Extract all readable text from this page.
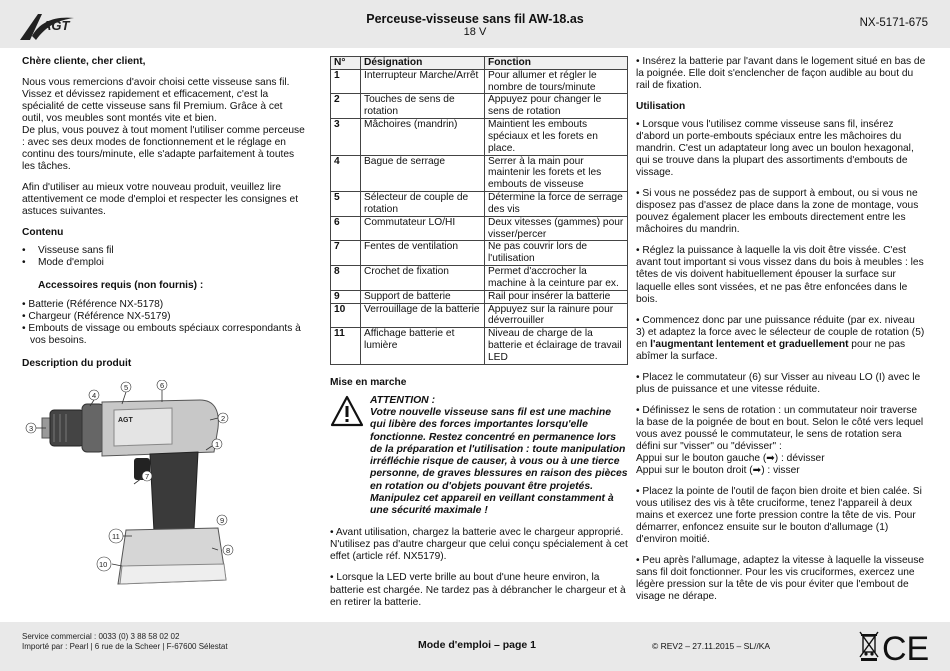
AGT	Perceuse-visseuse sans fil AW-18.as
18 V
NX-5171-675

Chère cliente, cher client,

Nous vous remercions d'avoir choisi cette visseuse sans fil. Vissez et dévissez rapidement et efficacement, c'est la spécialité de cette visseuse sans fil Premium. Grâce à cet outil, vos meubles sont montés vite et bien.

De plus, vous pouvez à tout moment l'utiliser comme perceuse : avec ses deux modes de fonctionnement et le réglage en continu des tours/minute, elle s'adapte parfaitement à toutes les tâches.

Afin d'utiliser au mieux votre nouveau produit, veuillez lire attentivement ce mode d'emploi et respecter les consignes et astuces suivantes.

Contenu
• Visseuse sans fil
• Mode d'emploi
Accessoires requis (non fournis) :
• Batterie (Référence NX-5178)
• Chargeur (Référence NX-5179)
• Embouts de vissage ou embouts spéciaux correspondants à vos besoins.
Description du produit
AGT
3
4
5	6
2
1
7
8
9
10
11
N°	Désignation	Fonction
1	Interrupteur Marche/Arrêt	Pour allumer et régler le nombre de tours/minute
2	Touches de sens de rotation	Appuyez pour changer le sens de rotation
3	Mâchoires (mandrin)	Maintient les embouts spéciaux et les forets en place.
4	Bague de serrage	Serrer à la main pour maintenir les forets et les embouts de visseuse
5	Sélecteur de couple de rotation	Détermine la force de serrage des vis
6	Commutateur LO/HI	Deux vitesses (gammes) pour visser/percer
7	Fentes de ventilation	Ne pas couvrir lors de l'utilisation
8	Crochet de fixation	Permet d'accrocher la machine à la ceinture par ex.
9	Support de batterie	Rail pour insérer la batterie
10	Verrouillage de la batterie	Appuyez sur la rainure pour déverrouiller
11	Affichage batterie et lumière	Niveau de charge de la batterie et éclairage de travail LED
Mise en marche
ATTENTION :
Votre nouvelle visseuse sans fil est une machine qui libère des forces importantes lorsqu'elle fonctionne. Restez concentré en permanence lors de la préparation et l'utilisation : toute manipulation irréfléchie risque de causer, à vous ou à une tierce personne, de graves blessures en raison des pièces en rotation ou d'objets pouvant être projetés. Manipulez cet appareil en veillant constamment à une sécurité maximale !

• Avant utilisation, chargez la batterie avec le chargeur approprié. N'utilisez pas d'autre chargeur que celui conçu spécialement à cet effet (article réf. NX5179).

• Lorsque la LED verte brille au bout d'une heure environ, la batterie est chargée. Ne tardez pas à débrancher le chargeur et à en retirer la batterie.

• Insérez la batterie par l'avant dans le logement situé en bas de la poignée. Elle doit s'enclencher de façon audible au bout du rail de fixation.

Utilisation

• Lorsque vous l'utilisez comme visseuse sans fil, insérez d'abord un porte-embouts spéciaux entre les mâchoires du mandrin. C'est un adaptateur long avec un boulon hexagonal, qui se trouve dans la plupart des assortiments d'embouts de vissage.

• Si vous ne possédez pas de support à embout, ou si vous ne disposez pas d'assez de place dans la zone de montage, vous pouvez également placer les embouts directement entre les mâchoires du mandrin.

• Réglez la puissance à laquelle la vis doit être vissée. C'est avant tout important si vous vissez dans du bois à meubles : les têtes de vis doivent habituellement épouser la surface sur laquelle elles sont vissées, et ne pas être enfoncées dans le bois.

• Commencez donc par une puissance réduite (par ex. niveau 3) et adaptez la force avec le sélecteur de couple de rotation (5) en l'augmentant lentement et graduellement pour ne pas abîmer la surface.

• Placez le commutateur (6) sur Visser au niveau LO (I) avec le plus de puissance et une vitesse réduite.

• Définissez le sens de rotation : un commutateur noir traverse la base de la poignée de bout en bout. Selon le côté vers lequel vous avez poussé le commutateur, le sens de rotation sera défini sur "visser" ou "dévisser" :

Appui sur le bouton gauche (➡) : dévisser

Appui sur le bouton droit (➡) : visser

• Placez la pointe de l'outil de façon bien droite et bien calée. Si vous utilisez des vis à tête cruciforme, tenez l'appareil à deux mains et exercez une forte pression contre la tête de vis. Pour démarrer, enfoncez ensuite sur le bouton d'allumage (1) d'environ moitié.

• Peu après l'allumage, adaptez la vitesse à laquelle la visseuse sans fil doit fonctionner. Pour les vis cruciformes, exercez une légère pression sur la tête de vis pour éviter que l'embout de visage ne dérape.

Service commercial : 0033 (0) 3 88 58 02 02
Importé par : Pearl | 6 rue de la Scheer | F-67600 Sélestat	Mode d'emploi – page 1	© REV2 – 27.11.2015 – SL//KA	CE
